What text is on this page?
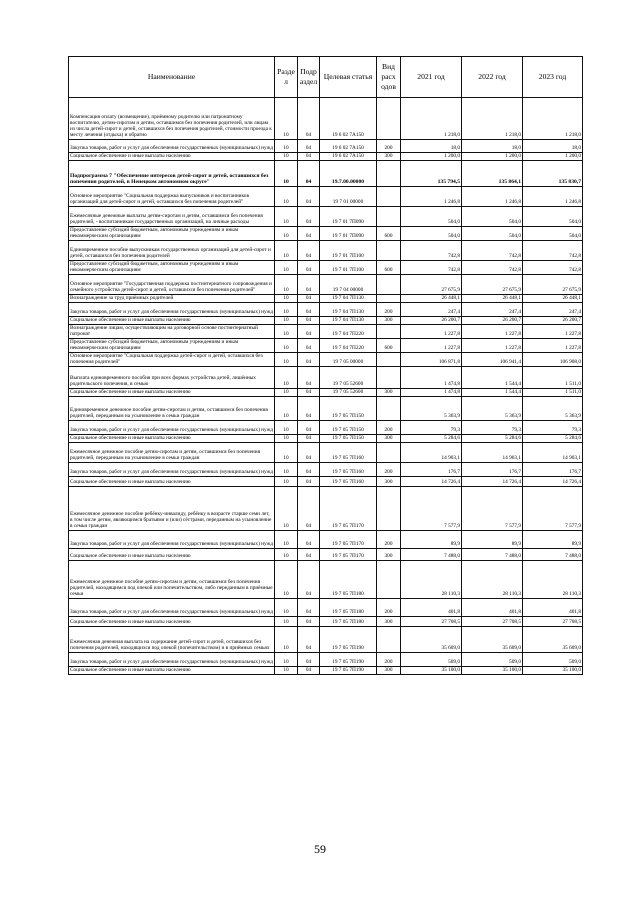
Наименование	Разде л	Подр аздел	Целевая статья	Вид расх одов	2021 год	2022 год	2023 год
Компенсация оплату (возмещение), приёмному родителю или патронатному воспитателю, детям-сиротам и детям, оставшимся без попечения родителей, или лицам из числа детей-сирот и детей, оставшихся без попечения родителей, стоимости проезда к месту лечения (отдыха) и обратно	10	04	19 6 02 7А150		1 218,0	1 218,0	1 218,0
Закупка товаров, работ и услуг для обеспечения государственных (муниципальных) нужд	10	04	19 6 02 7А150	200	18,0	18,0	18,0
Социальное обеспечение и иные выплаты населению	10	04	19 6 02 7А150	300	1 200,0	1 200,0	1 200,0
Подпрограмма 7 "Обеспечение интересов детей-сирот и детей, оставшихся без попечения родителей, в Ненецком автономном округе"	10	04	19.7.00.00000		135 794,5	135 864,1	135 830,7
Основное мероприятие "Социальная поддержка выпускников и воспитанников организаций для детей-сирот и детей, оставшихся без попечения родителей"	10	04	19 7 01 00000		1 246,8	1 246,8	1 246,8
Ежемесячные денежные выплаты детям-сиротам и детям, оставшимся без попечения родителей, - воспитанникам государственных организаций, на личные расходы	10	04	19 7 01 7П090		504,0	504,0	504,0
Предоставление субсидий бюджетным, автономным учреждениям и иным некоммерческим организациям	10	04	19 7 01 7П090	600	504,0	504,0	504,0
Единовременное пособие выпускникам государственных организаций для детей-сирот и детей, оставшихся без попечения родителей	10	04	19 7 01 7П100		742,8	742,8	742,8
Предоставление субсидий бюджетным, автономным учреждениям и иным некоммерческим организациям	10	04	19 7 01 7П100	600	742,8	742,8	742,8
Основное мероприятие "Государственная поддержка постинтернатного сопровождения и семейного устройства детей-сирот и детей, оставшихся без попечения родителей"	10	04	19 7 04 00000		27 675,9	27 675,9	27 675,9
Вознаграждение за труд приёмных родителей	10	04	19 7 04 7П130		26 448,1	26 448,1	26 448,1
Закупка товаров, работ и услуг для обеспечения государственных (муниципальных) нужд	10	04	19 7 04 7П130	200	247,4	247,4	247,4
Социальное обеспечение и иные выплаты населению	10	04	19 7 04 7П130	300	26 200,7	26 200,7	26 200,7
Вознаграждение лицам, осуществляющим на договорной основе постинтернатный патронат	10	04	19 7 04 7П220		1 227,8	1 227,8	1 227,8
Предоставление субсидий бюджетным, автономным учреждениям и иным некоммерческим организациям	10	04	19 7 04 7П220	600	1 227,8	1 227,8	1 227,8
Основное мероприятие "Социальная поддержка детей-сирот и детей, оставшихся без попечения родителей"	10	04	19 7 05 00000		106 871,8	106 941,4	106 908,0
Выплата единовременного пособия при всех формах устройства детей, лишённых родительского попечения, в семью	10	04	19 7 05 52600		1 474,8	1 544,4	1 511,0
Социальное обеспечение и иные выплаты населению	10	04	19 7 05 52600	300	1 474,8	1 544,4	1 511,0
Единовременное денежное пособие детям-сиротам и детям, оставшимся без попечения родителей, переданным на усыновление в семьи граждан	10	04	19 7 05 7П150		5 363,9	5 363,9	5 363,9
Закупка товаров, работ и услуг для обеспечения государственных (муниципальных) нужд	10	04	19 7 05 7П150	200	79,3	79,3	79,3
Социальное обеспечение и иные выплаты населению	10	04	19 7 05 7П150	300	5 284,6	5 284,6	5 284,6
Ежемесячное денежное пособие детям-сиротам и детям, оставшимся без попечения родителей, переданным на усыновление в семьи граждан	10	04	19 7 05 7П160		14 903,1	14 903,1	14 903,1
Закупка товаров, работ и услуг для обеспечения государственных (муниципальных) нужд	10	04	19 7 05 7П160	200	176,7	176,7	176,7
Социальное обеспечение и иные выплаты населению	10	04	19 7 05 7П160	300	14 726,4	14 726,4	14 726,4
Ежемесячное денежное пособие ребёнку-инвалиду, ребёнку в возрасте старше семи лет, в том числе детям, являющимся братьями и (или) сёстрами, переданным на усыновление в семьи граждан	10	04	19 7 05 7П170		7 577,9	7 577,9	7 577,9
Закупка товаров, работ и услуг для обеспечения государственных (муниципальных) нужд	10	04	19 7 05 7П170	200	89,9	89,9	89,9
Социальное обеспечение и иные выплаты населению	10	04	19 7 05 7П170	300	7 488,0	7 488,0	7 488,0
Ежемесячное денежное пособие детям-сиротам и детям, оставшимся без попечения родителей, находящимся под опекой или попечительством, либо переданным в приёмные семьи	10	04	19 7 05 7П180		28 110,3	28 110,3	28 110,3
Закупка товаров, работ и услуг для обеспечения государственных (муниципальных) нужд	10	04	19 7 05 7П180	200	401,8	401,8	401,8
Социальное обеспечение и иные выплаты населению	10	04	19 7 05 7П180	300	27 708,5	27 708,5	27 708,5
Ежемесячная денежная выплата на содержание детей-сирот и детей, оставшихся без попечения родителей, находящихся под опекой (попечительством) и в приёмных семьях	10	04	19 7 05 7П190		35 609,0	35 609,0	35 609,0
Закупка товаров, работ и услуг для обеспечения государственных (муниципальных) нужд	10	04	19 7 05 7П190	200	509,0	509,0	509,0
Социальное обеспечение и иные выплаты населению	10	04	19 7 05 7П190	300	35 100,0	35 100,0	35 100,0
59
